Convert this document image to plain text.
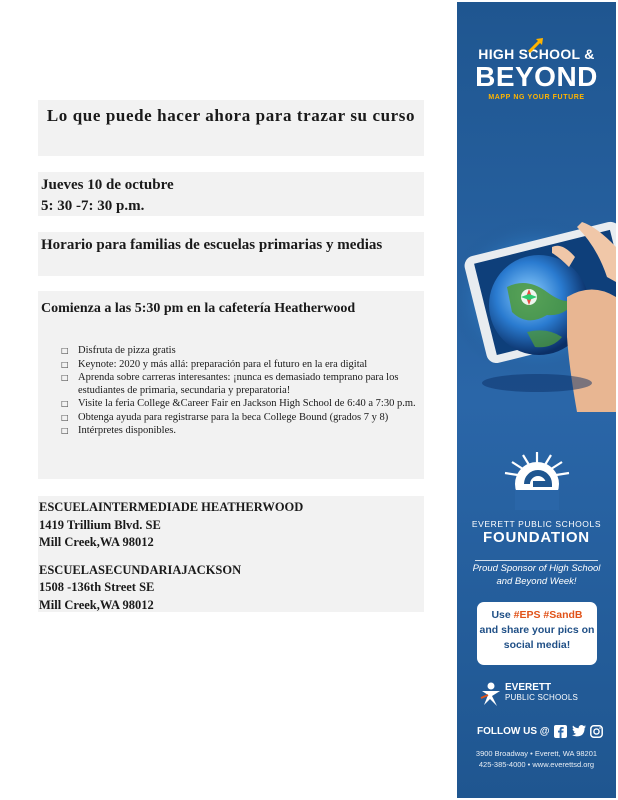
Lo que puede hacer ahora para trazar su curso
Jueves 10 de octubre
5: 30 -7: 30 p.m.
Horario para familias de escuelas primarias y medias
Comienza a las 5:30 pm en la cafetería Heatherwood
□ Disfruta de pizza gratis
□ Keynote: 2020 y más allá: preparación para el futuro en la era digital
□ Aprenda sobre carreras interesantes: ¡nunca es demasiado temprano para los estudiantes de primaria, secundaria y preparatoria!
□ Visite la feria College &Career Fair en Jackson High School de 6:40 a 7:30 p.m.
□ Obtenga ayuda para registrarse para la beca College Bound (grados 7 y 8)
□ Intérpretes disponibles.
ESCUELAINTERMEDIADE HEATHERWOOD
1419 Trillium Blvd. SE
Mill Creek,WA 98012
ESCUELASECUNDARIAJACKSON
1508 -136th Street SE
Mill Creek,WA 98012
HIGH SCHOOL &
BEYOND
MAPP NG YOUR FUTURE
EVERETT PUBLIC SCHOOLS
FOUNDATION
Proud Sponsor of High School
and Beyond Week!
Use #EPS #SandB
and share your pics on
social media!
EVERETT
PUBLIC SCHOOLS
FOLLOW US @
3900 Broadway • Everett, WA 98201
425-385-4000 • www.everettsd.org
